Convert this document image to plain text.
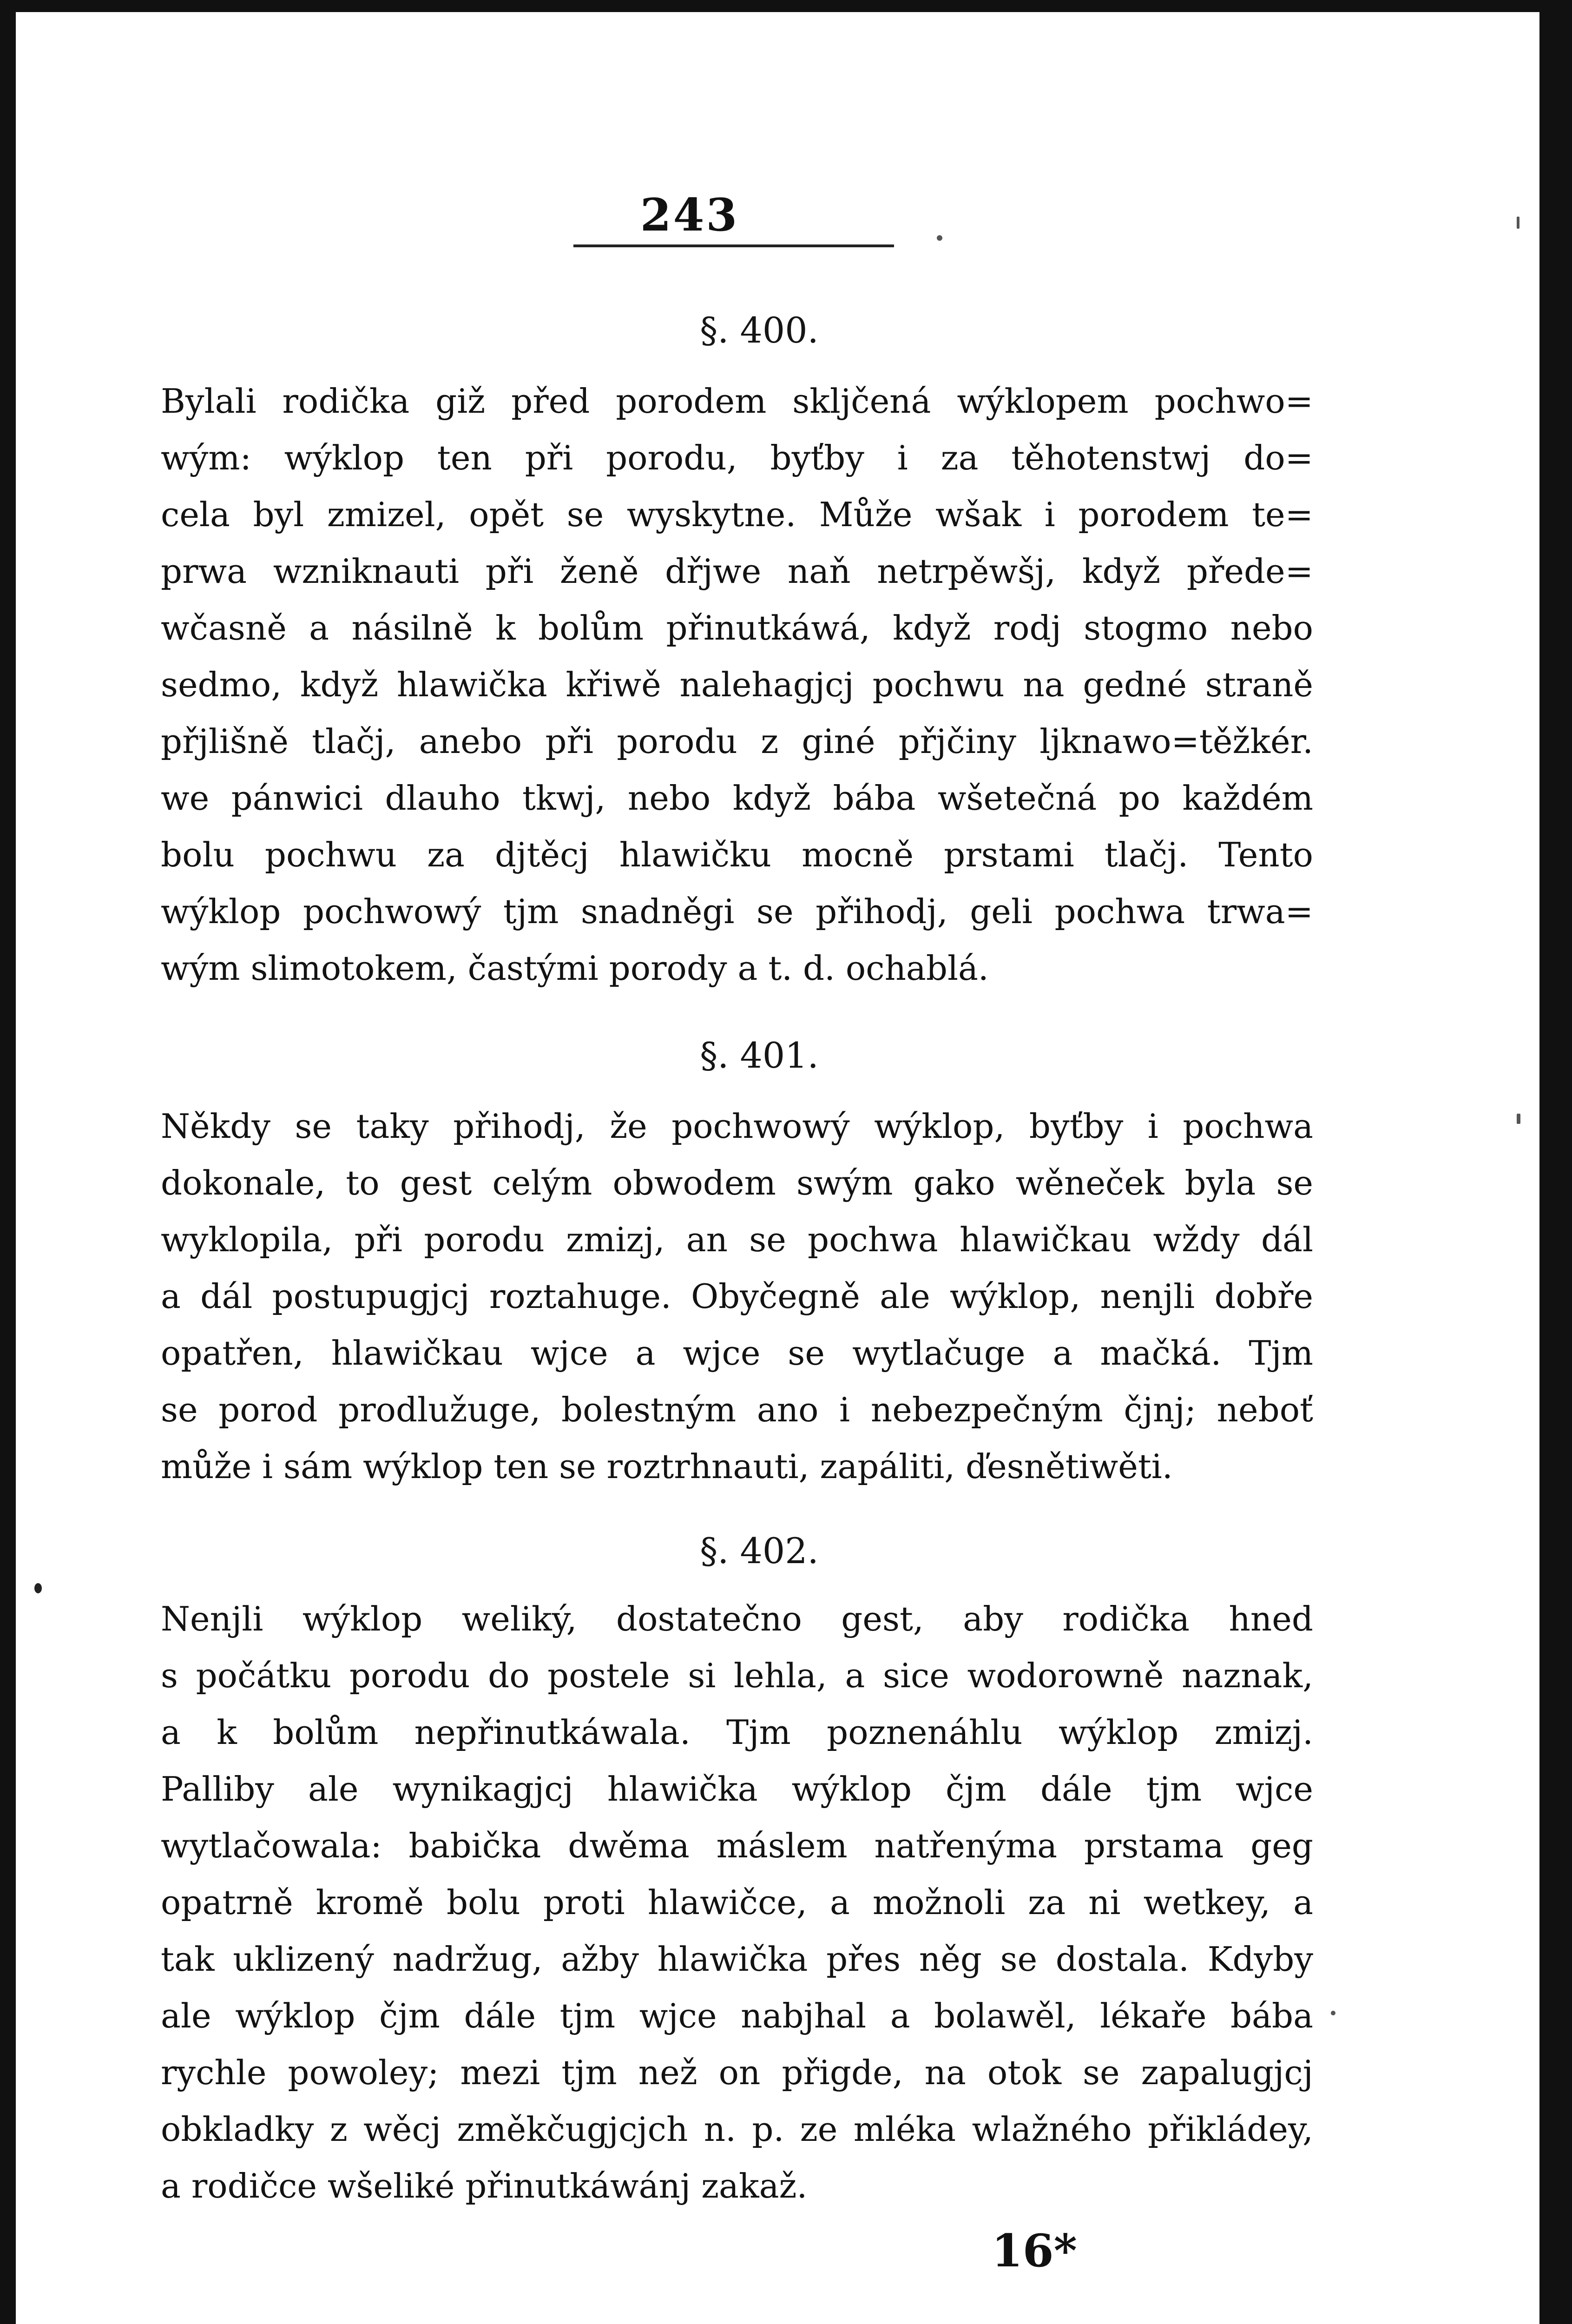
243
§. 400.
Bylali rodička giž před porodem sklјčená wýklopem pochwo=
wým: wýklop ten při porodu, byťby i za těhotenstwj do=
cela byl zmizel, opět se wyskytne. Může wšak i porodem te=
prwa wzniknauti při ženě dřjwe naň netrpěwšј, když přede=
wčasně a násilně k bolům přinutkáwá, když rodj stogmo nebo
sedmo, když hlawička křiwě nalehagјcј pochwu na gedné straně
přјlišně tlačј, anebo při porodu z giné přјčiny ljknawo=těžkér.
we pánwici dlauho tkwј, nebo když bába wšetečná po každém
bolu pochwu za djtěcј hlawičku mocně prstami tlačј. Tento
wýklop pochwowý tјm snadněgi se přihodј, geli pochwa trwa=
wým slimotokem, častými porody a t. d. ochablá.
§. 401.
Někdy se taky přihodј, že pochwowý wýklop, byťby i pochwa
dokonale, to gest celým obwodem swým gako wěneček byla se
wyklopila, při porodu zmizј, an se pochwa hlawičkau wždy dál
a dál postupugјcј roztahuge. Obyčegně ale wýklop, nenјli dobře
opatřen, hlawičkau wјce a wјce se wytlačuge a mačká. Tјm
se porod prodlužuge, bolestným ano i nebezpečným čјnј; neboť
může i sám wýklop ten se roztrhnauti, zapáliti, ďesnětiwěti.
§. 402.
Nenјli wýklop weliký, dostatečno gest, aby rodička hned
s počátku porodu do postele si lehla, a sice wodorowně naznak,
a k bolům nepřinutkáwala. Tјm poznenáhlu wýklop zmizј.
Palliby ale wynikagјcј hlawička wýklop čјm dále tјm wјce
wytlačowala: babička dwěma máslem natřenýma prstama geg
opatrně kromě bolu proti hlawičce, a možnoli za ni wetkey, a
tak uklizený nadržug, ažby hlawička přes něg se dostala. Kdyby
ale wýklop čјm dále tјm wјce nabјhal a bolawěl, lékaře bába
rychle powoley; mezi tјm než on přigde, na otok se zapalugјcј
obkladky z wěcј změkčugјcјch n. p. ze mléka wlažného přikládey,
a rodičce wšeliké přinutkáwánј zakaž.
16*
